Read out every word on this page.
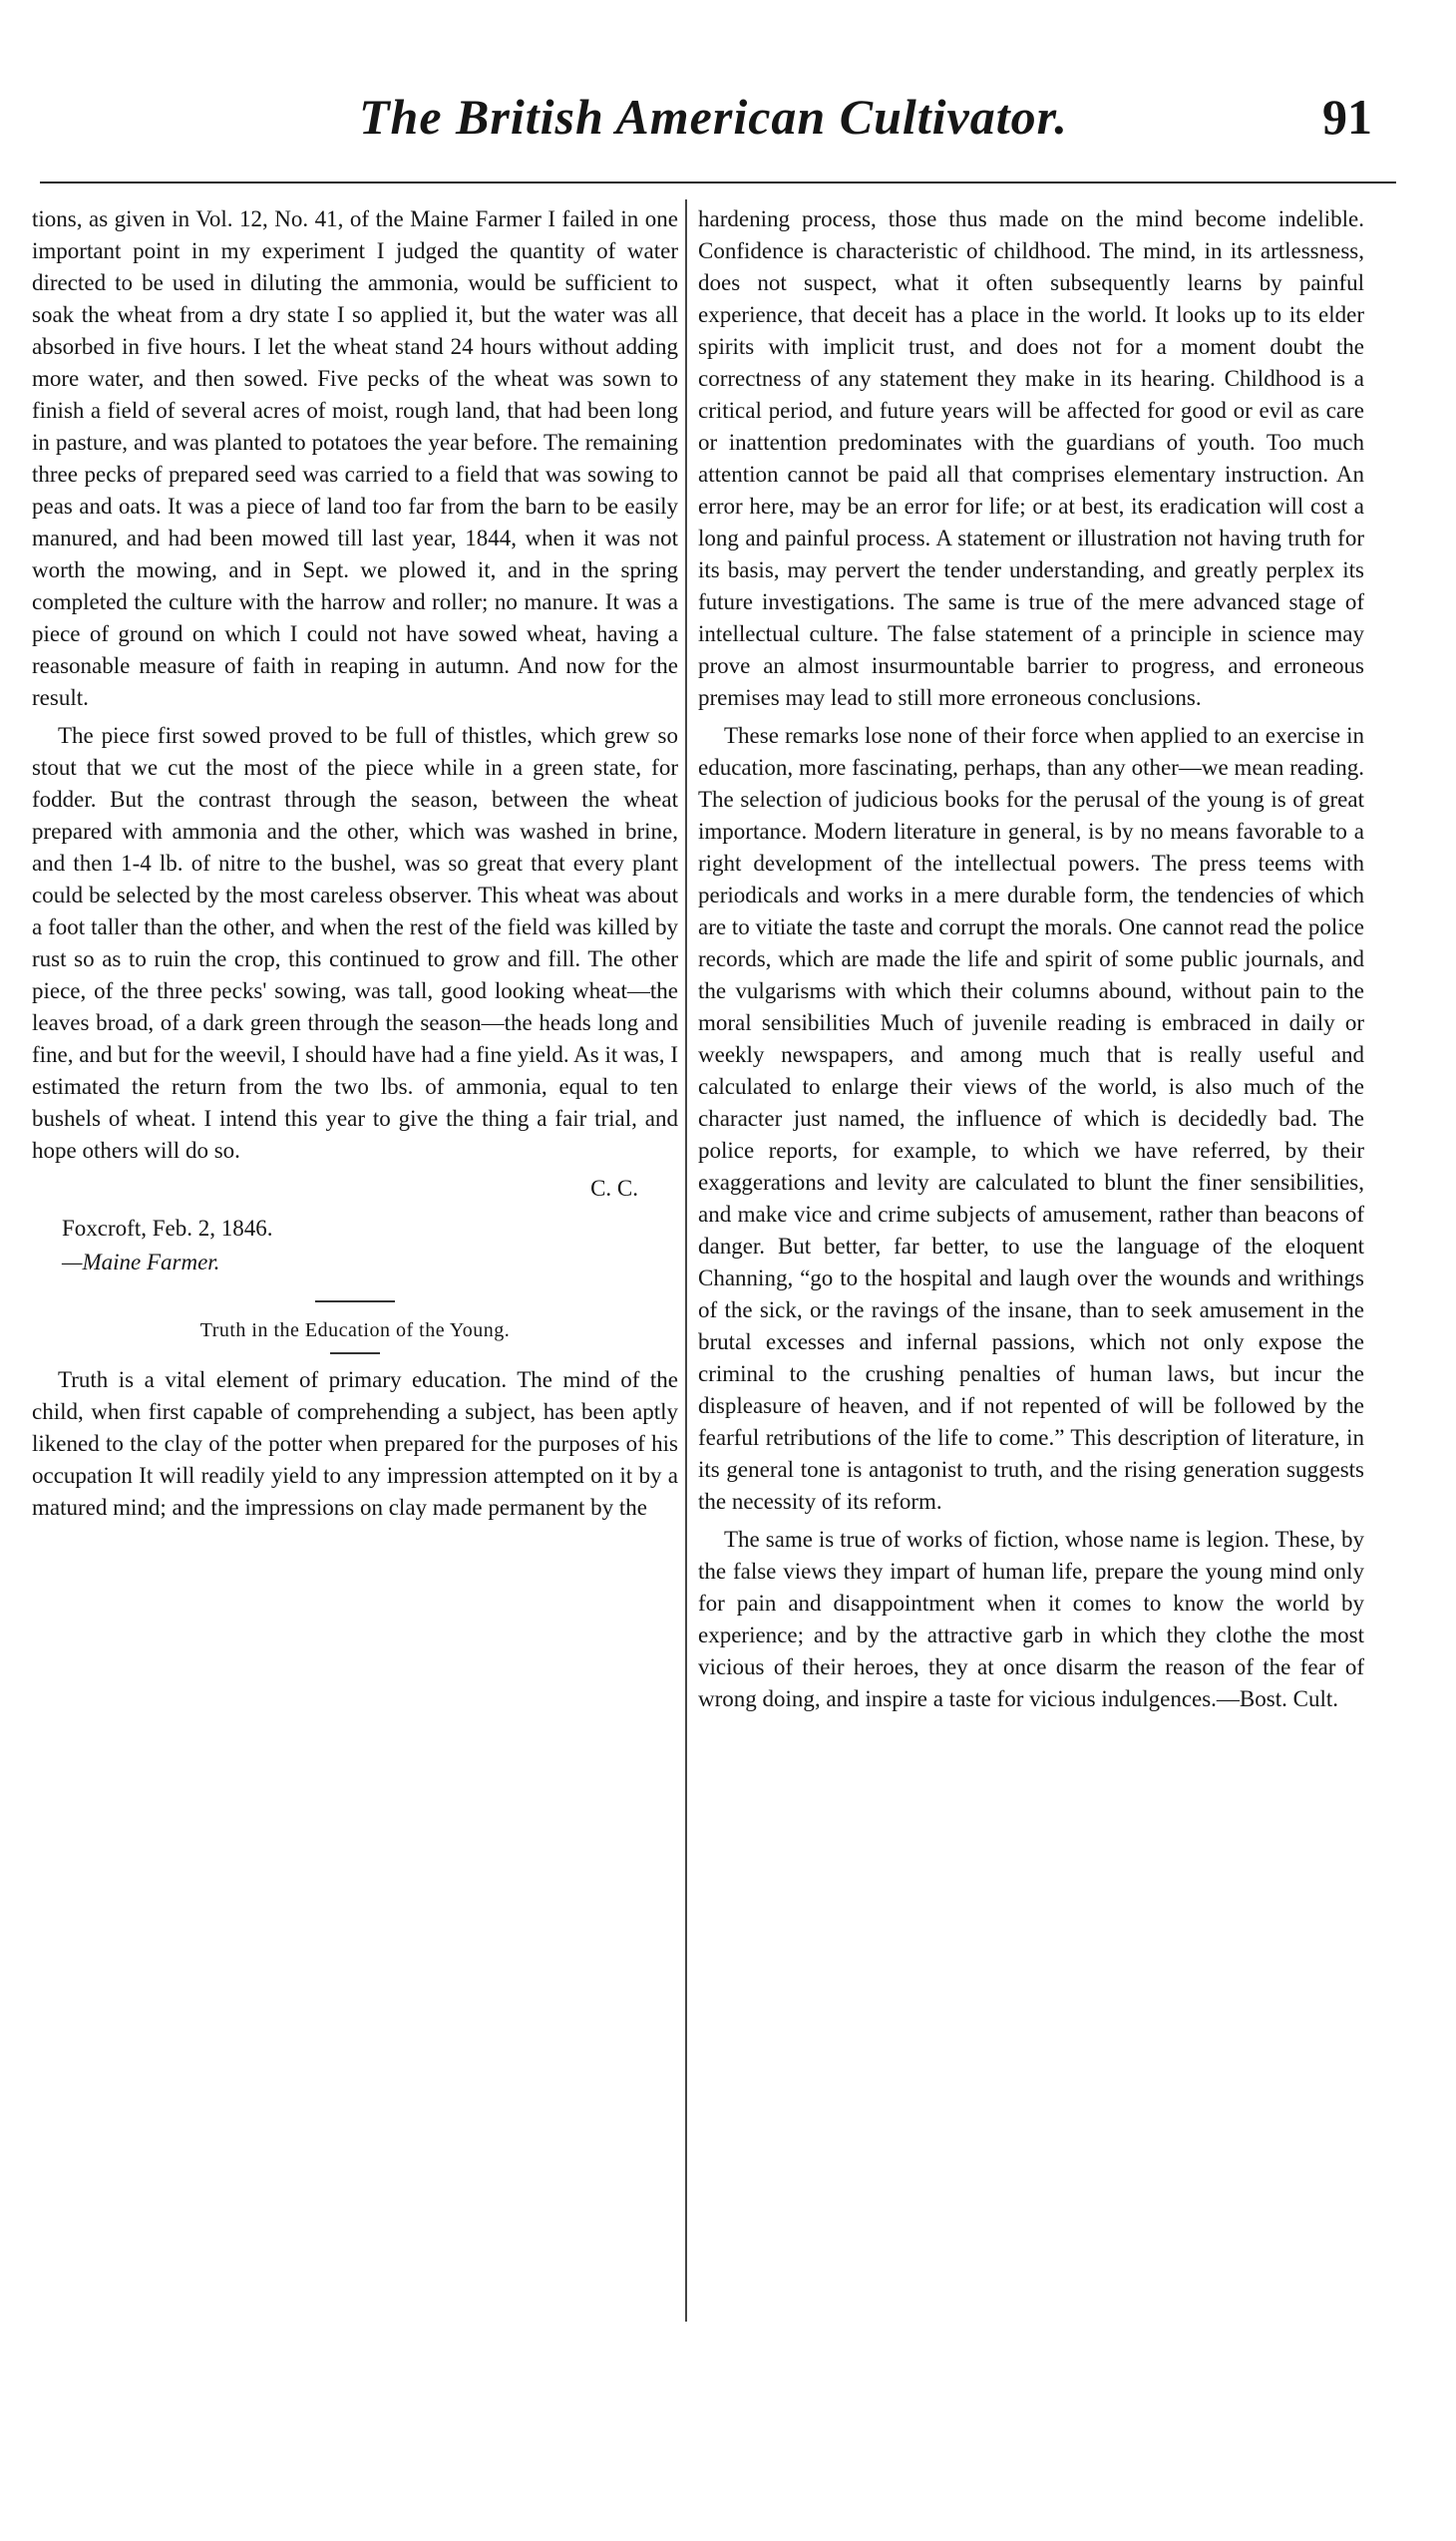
The British American Cultivator.	91

tions, as given in Vol. 12, No. 41, of the Maine Farmer I failed in one important point in my experiment I judged the quantity of water directed to be used in diluting the ammonia, would be sufficient to soak the wheat from a dry state I so applied it, but the water was all absorbed in five hours. I let the wheat stand 24 hours without adding more water, and then sowed. Five pecks of the wheat was sown to finish a field of several acres of moist, rough land, that had been long in pasture, and was planted to potatoes the year before. The remaining three pecks of prepared seed was carried to a field that was sowing to peas and oats. It was a piece of land too far from the barn to be easily manured, and had been mowed till last year, 1844, when it was not worth the mowing, and in Sept. we plowed it, and in the spring completed the culture with the harrow and roller; no manure. It was a piece of ground on which I could not have sowed wheat, having a reasonable measure of faith in reaping in autumn. And now for the result.

The piece first sowed proved to be full of thistles, which grew so stout that we cut the most of the piece while in a green state, for fodder. But the contrast through the season, between the wheat prepared with ammonia and the other, which was washed in brine, and then 1-4 lb. of nitre to the bushel, was so great that every plant could be selected by the most careless observer. This wheat was about a foot taller than the other, and when the rest of the field was killed by rust so as to ruin the crop, this continued to grow and fill. The other piece, of the three pecks' sowing, was tall, good looking wheat—the leaves broad, of a dark green through the season—the heads long and fine, and but for the weevil, I should have had a fine yield. As it was, I estimated the return from the two lbs. of ammonia, equal to ten bushels of wheat. I intend this year to give the thing a fair trial, and hope others will do so.

C. C.

Foxcroft, Feb. 2, 1846.

—Maine Farmer.

Truth in the Education of the Young.

Truth is a vital element of primary education. The mind of the child, when first capable of comprehending a subject, has been aptly likened to the clay of the potter when prepared for the purposes of his occupation It will readily yield to any impression attempted on it by a matured mind; and the impressions on clay made permanent by the

hardening process, those thus made on the mind become indelible. Confidence is characteristic of childhood. The mind, in its artlessness, does not suspect, what it often subsequently learns by painful experience, that deceit has a place in the world. It looks up to its elder spirits with implicit trust, and does not for a moment doubt the correctness of any statement they make in its hearing. Childhood is a critical period, and future years will be affected for good or evil as care or inattention predominates with the guardians of youth. Too much attention cannot be paid all that comprises elementary instruction. An error here, may be an error for life; or at best, its eradication will cost a long and painful process. A statement or illustration not having truth for its basis, may pervert the tender understanding, and greatly perplex its future investigations. The same is true of the mere advanced stage of intellectual culture. The false statement of a principle in science may prove an almost insurmountable barrier to progress, and erroneous premises may lead to still more erroneous conclusions.

These remarks lose none of their force when applied to an exercise in education, more fascinating, perhaps, than any other—we mean reading. The selection of judicious books for the perusal of the young is of great importance. Modern literature in general, is by no means favorable to a right development of the intellectual powers. The press teems with periodicals and works in a mere durable form, the tendencies of which are to vitiate the taste and corrupt the morals. One cannot read the police records, which are made the life and spirit of some public journals, and the vulgarisms with which their columns abound, without pain to the moral sensibilities Much of juvenile reading is embraced in daily or weekly newspapers, and among much that is really useful and calculated to enlarge their views of the world, is also much of the character just named, the influence of which is decidedly bad. The police reports, for example, to which we have referred, by their exaggerations and levity are calculated to blunt the finer sensibilities, and make vice and crime subjects of amusement, rather than beacons of danger. But better, far better, to use the language of the eloquent Channing, “go to the hospital and laugh over the wounds and writhings of the sick, or the ravings of the insane, than to seek amusement in the brutal excesses and infernal passions, which not only expose the criminal to the crushing penalties of human laws, but incur the displeasure of heaven, and if not repented of will be followed by the fearful retributions of the life to come.” This description of literature, in its general tone is antagonist to truth, and the rising generation suggests the necessity of its reform.

The same is true of works of fiction, whose name is legion. These, by the false views they impart of human life, prepare the young mind only for pain and disappointment when it comes to know the world by experience; and by the attractive garb in which they clothe the most vicious of their heroes, they at once disarm the reason of the fear of wrong doing, and inspire a taste for vicious indulgences.—Bost. Cult.
